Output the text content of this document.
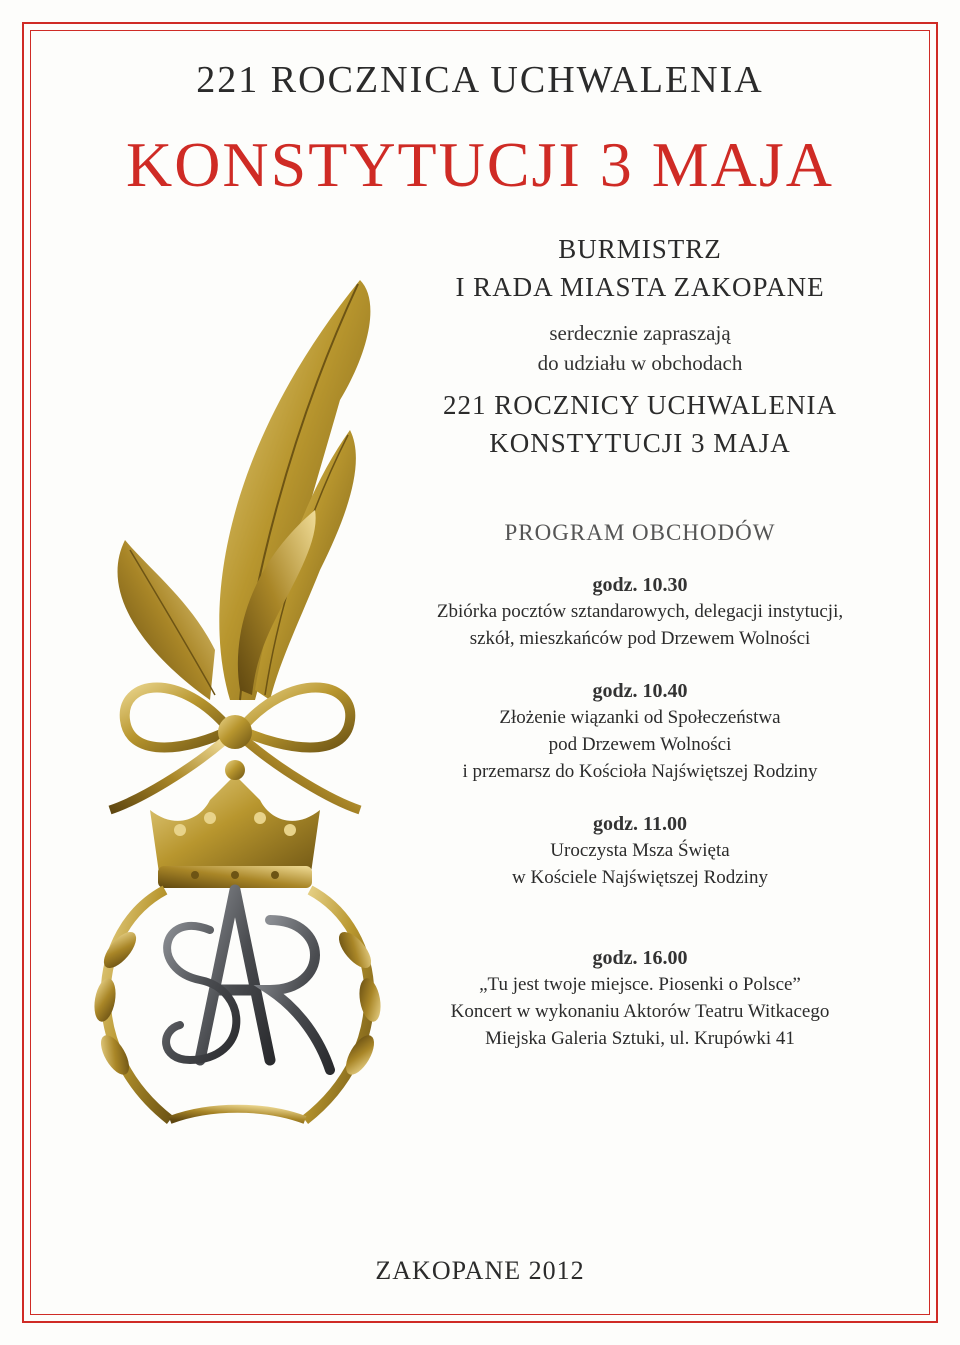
221 ROCZNICA UCHWALENIA
KONSTYTUCJI 3 MAJA
BURMISTRZ
I RADA MIASTA ZAKOPANE
serdecznie zapraszają
do udziału w obchodach
221 ROCZNICY UCHWALENIA
KONSTYTUCJI 3 MAJA
PROGRAM OBCHODÓW
godz. 10.30
Zbiórka pocztów sztandarowych, delegacji instytucji,
szkół, mieszkańców pod Drzewem Wolności
godz. 10.40
Złożenie wiązanki od Społeczeństwa
pod Drzewem Wolności
i przemarsz do Kościoła Najświętszej Rodziny
godz. 11.00
Uroczysta Msza Święta
w Kościele Najświętszej Rodziny
godz. 16.00
„Tu jest twoje miejsce. Piosenki o Polsce”
Koncert w wykonaniu Aktorów Teatru Witkacego
Miejska Galeria Sztuki, ul. Krupówki 41
ZAKOPANE 2012
